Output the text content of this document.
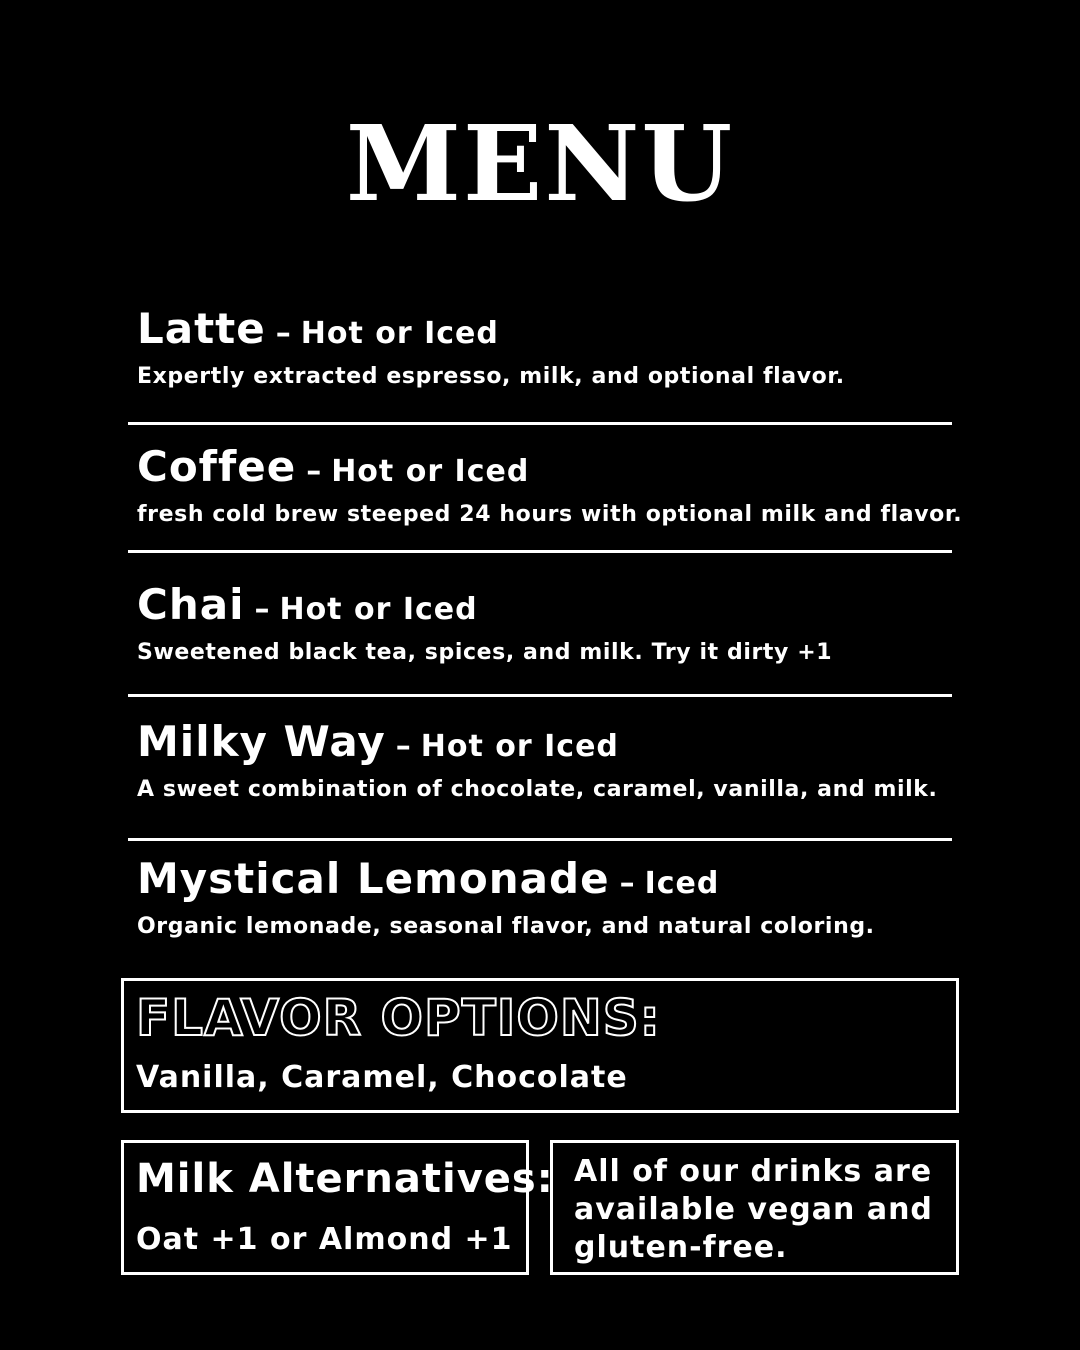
MENU
Latte – Hot or Iced
Expertly extracted espresso, milk, and optional flavor.
Coffee – Hot or Iced
fresh cold brew steeped 24 hours with optional milk and flavor.
Chai – Hot or Iced
Sweetened black tea, spices, and milk. Try it dirty +1
Milky Way – Hot or Iced
A sweet combination of chocolate, caramel, vanilla, and milk.
Mystical Lemonade – Iced
Organic lemonade, seasonal flavor, and natural coloring.
FLAVOR OPTIONS:
Vanilla, Caramel, Chocolate
Milk Alternatives:
Oat +1 or Almond +1
All of our drinks are available vegan and gluten-free.
